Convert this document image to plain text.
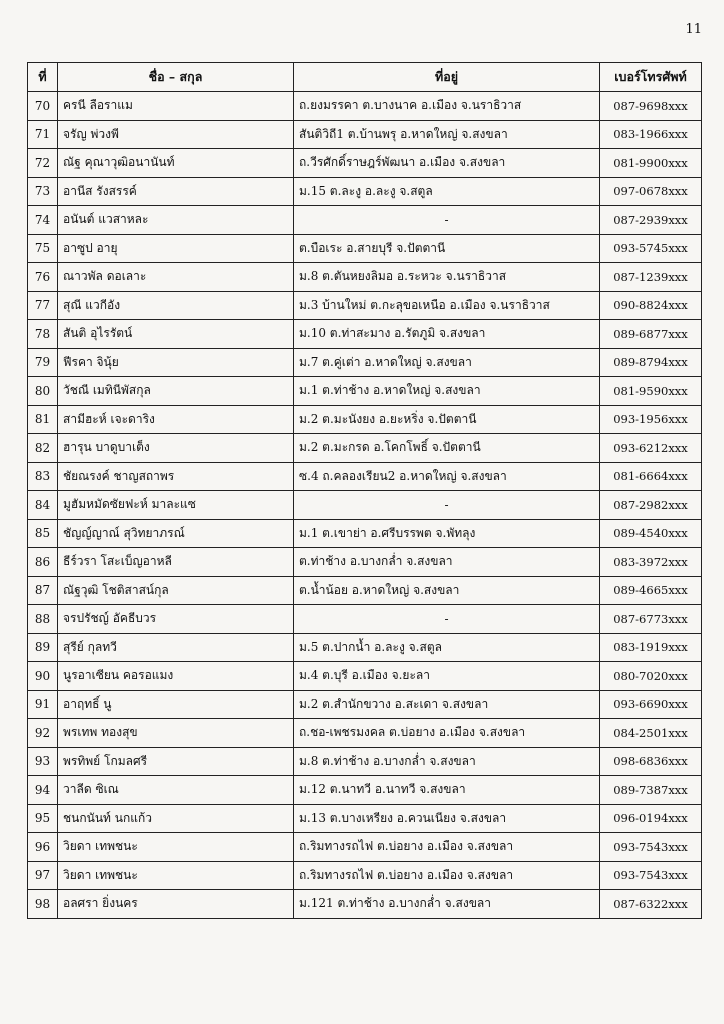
11
ที่	ชื่อ – สกุล	ที่อยู่	เบอร์โทรศัพท์
70	ครนี ลือราแม	ถ.ยงมรรคา ต.บางนาค อ.เมือง จ.นราธิวาส	087-9698xxx
71	จรัญ พ่วงพี	สันติวิถี1 ต.บ้านพรุ อ.หาดใหญ่ จ.สงขลา	083-1966xxx
72	ณัฐ คุณาวุฒิอนานันท์	ถ.วีรศักดิ์ราษฎร์พัฒนา อ.เมือง จ.สงขลา	081-9900xxx
73	อานีส รังสรรค์	ม.15 ต.ละงู อ.ละงู จ.สตูล	097-0678xxx
74	อนันต์ แวสาหละ	-	087-2939xxx
75	อาซูป อายุ	ต.บือเระ อ.สายบุรี จ.ปัตตานี	093-5745xxx
76	ณาวพัล ดอเลาะ	ม.8 ต.ตันหยงลิมอ อ.ระหวะ จ.นราธิวาส	087-1239xxx
77	สุณี แวกีอัง	ม.3 บ้านใหม่ ต.กะลุขอเหนือ อ.เมือง จ.นราธิวาส	090-8824xxx
78	สันติ อุไรรัตน์	ม.10 ต.ท่าสะมาง อ.รัตภูมิ จ.สงขลา	089-6877xxx
79	ฟีรคา จินุ้ย	ม.7 ต.คู่เต่า อ.หาดใหญ่ จ.สงขลา	089-8794xxx
80	วัชณี เมทินีพัสกุล	ม.1 ต.ท่าช้าง อ.หาดใหญ่ จ.สงขลา	081-9590xxx
81	สามีฮะห์ เจะดาริง	ม.2 ต.มะนังยง อ.ยะหริ่ง จ.ปัตตานี	093-1956xxx
82	ฮารุน บาดูบาเต็ง	ม.2 ต.มะกรด อ.โคกโพธิ์ จ.ปัตตานี	093-6212xxx
83	ชัยณรงค์ ชาญสถาพร	ซ.4 ถ.คลองเรียน2 อ.หาดใหญ่ จ.สงขลา	081-6664xxx
84	มูฮัมหมัดซัยฟะห์ มาละแซ	-	087-2982xxx
85	ชัญญ์ญาณ์ สุวิทยาภรณ์	ม.1 ต.เขาย่า อ.ศรีบรรพต จ.พัทลุง	089-4540xxx
86	ธีร์วรา โสะเบ็ญอาหลี	ต.ท่าช้าง อ.บางกล่ำ จ.สงขลา	083-3972xxx
87	ณัฐวุฒิ โชติสาสน์กุล	ต.น้ำน้อย อ.หาดใหญ่ จ.สงขลา	089-4665xxx
88	จรปรัชญ์ อัคธีบวร	-	087-6773xxx
89	สุรีย์ กุลทวี	ม.5 ต.ปากน้ำ อ.ละงู จ.สตูล	083-1919xxx
90	นูรอาเซียน คอรอแมง	ม.4 ต.บุรี อ.เมือง จ.ยะลา	080-7020xxx
91	อาฤทธิ์ นู	ม.2 ต.สำนักขวาง อ.สะเดา จ.สงขลา	093-6690xxx
92	พรเทพ ทองสุข	ถ.ชอ-เพชรมงคล ต.บ่อยาง อ.เมือง จ.สงขลา	084-2501xxx
93	พรทิพย์ โกมลศรี	ม.8 ต.ท่าช้าง อ.บางกล่ำ จ.สงขลา	098-6836xxx
94	วาลีด ซิเณ	ม.12 ต.นาทวี อ.นาทวี จ.สงขลา	089-7387xxx
95	ชนกนันท์ นกแก้ว	ม.13 ต.บางเหรียง อ.ควนเนียง จ.สงขลา	096-0194xxx
96	วิยดา เทพชนะ	ถ.ริมทางรถไฟ ต.บ่อยาง อ.เมือง จ.สงขลา	093-7543xxx
97	วิยดา เทพชนะ	ถ.ริมทางรถไฟ ต.บ่อยาง อ.เมือง จ.สงขลา	093-7543xxx
98	อลศรา ยิ่งนคร	ม.121 ต.ท่าช้าง อ.บางกล่ำ จ.สงขลา	087-6322xxx
